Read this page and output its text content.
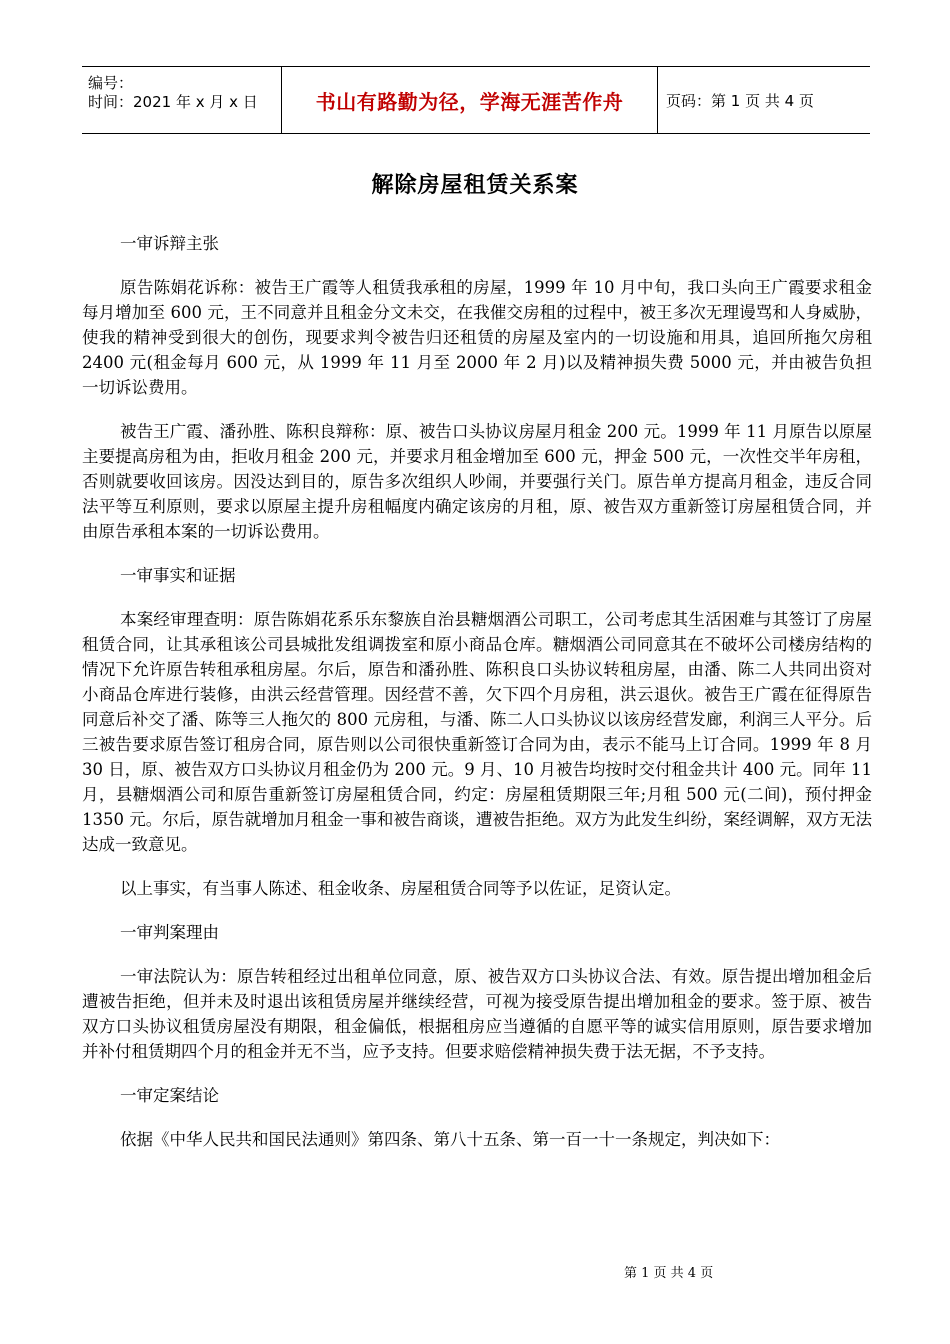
编号：
时间：2021 年 x 月 x 日	书山有路勤为径，学海无涯苦作舟	页码：第 1 页 共 4 页
解除房屋租赁关系案

一审诉辩主张

原告陈娟花诉称：被告王广霞等人租赁我承租的房屋，1999 年 10 月中旬，我口头向王广霞要求租金每月增加至 600 元，王不同意并且租金分文未交，在我催交房租的过程中，被王多次无理谩骂和人身威胁，使我的精神受到很大的创伤，现要求判令被告归还租赁的房屋及室内的一切设施和用具，追回所拖欠房租 2400 元(租金每月 600 元，从 1999 年 11 月至 2000 年 2 月)以及精神损失费 5000 元，并由被告负担一切诉讼费用。

被告王广霞、潘孙胜、陈积良辩称：原、被告口头协议房屋月租金 200 元。1999 年 11 月原告以原屋主要提高房租为由，拒收月租金 200 元，并要求月租金增加至 600 元，押金 500 元，一次性交半年房租，否则就要收回该房。因没达到目的，原告多次组织人吵闹，并要强行关门。原告单方提高月租金，违反合同法平等互利原则，要求以原屋主提升房租幅度内确定该房的月租，原、被告双方重新签订房屋租赁合同，并由原告承租本案的一切诉讼费用。

一审事实和证据

本案经审理查明：原告陈娟花系乐东黎族自治县糖烟酒公司职工，公司考虑其生活困难与其签订了房屋租赁合同，让其承租该公司县城批发组调拨室和原小商品仓库。糖烟酒公司同意其在不破坏公司楼房结构的情况下允许原告转租承租房屋。尔后，原告和潘孙胜、陈积良口头协议转租房屋，由潘、陈二人共同出资对小商品仓库进行装修，由洪云经营管理。因经营不善，欠下四个月房租，洪云退伙。被告王广霞在征得原告同意后补交了潘、陈等三人拖欠的 800 元房租，与潘、陈二人口头协议以该房经营发廊，利润三人平分。后三被告要求原告签订租房合同，原告则以公司很快重新签订合同为由，表示不能马上订合同。1999 年 8 月 30 日，原、被告双方口头协议月租金仍为 200 元。9 月、10 月被告均按时交付租金共计 400 元。同年 11 月，县糖烟酒公司和原告重新签订房屋租赁合同，约定：房屋租赁期限三年;月租 500 元(二间)，预付押金 1350 元。尔后，原告就增加月租金一事和被告商谈，遭被告拒绝。双方为此发生纠纷，案经调解，双方无法达成一致意见。

以上事实，有当事人陈述、租金收条、房屋租赁合同等予以佐证，足资认定。

一审判案理由

一审法院认为：原告转租经过出租单位同意，原、被告双方口头协议合法、有效。原告提出增加租金后遭被告拒绝，但并未及时退出该租赁房屋并继续经营，可视为接受原告提出增加租金的要求。签于原、被告双方口头协议租赁房屋没有期限，租金偏低，根据租房应当遵循的自愿平等的诚实信用原则，原告要求增加并补付租赁期四个月的租金并无不当，应予支持。但要求赔偿精神损失费于法无据，不予支持。

一审定案结论

依据《中华人民共和国民法通则》第四条、第八十五条、第一百一十一条规定，判决如下：

第 1 页 共 4 页
